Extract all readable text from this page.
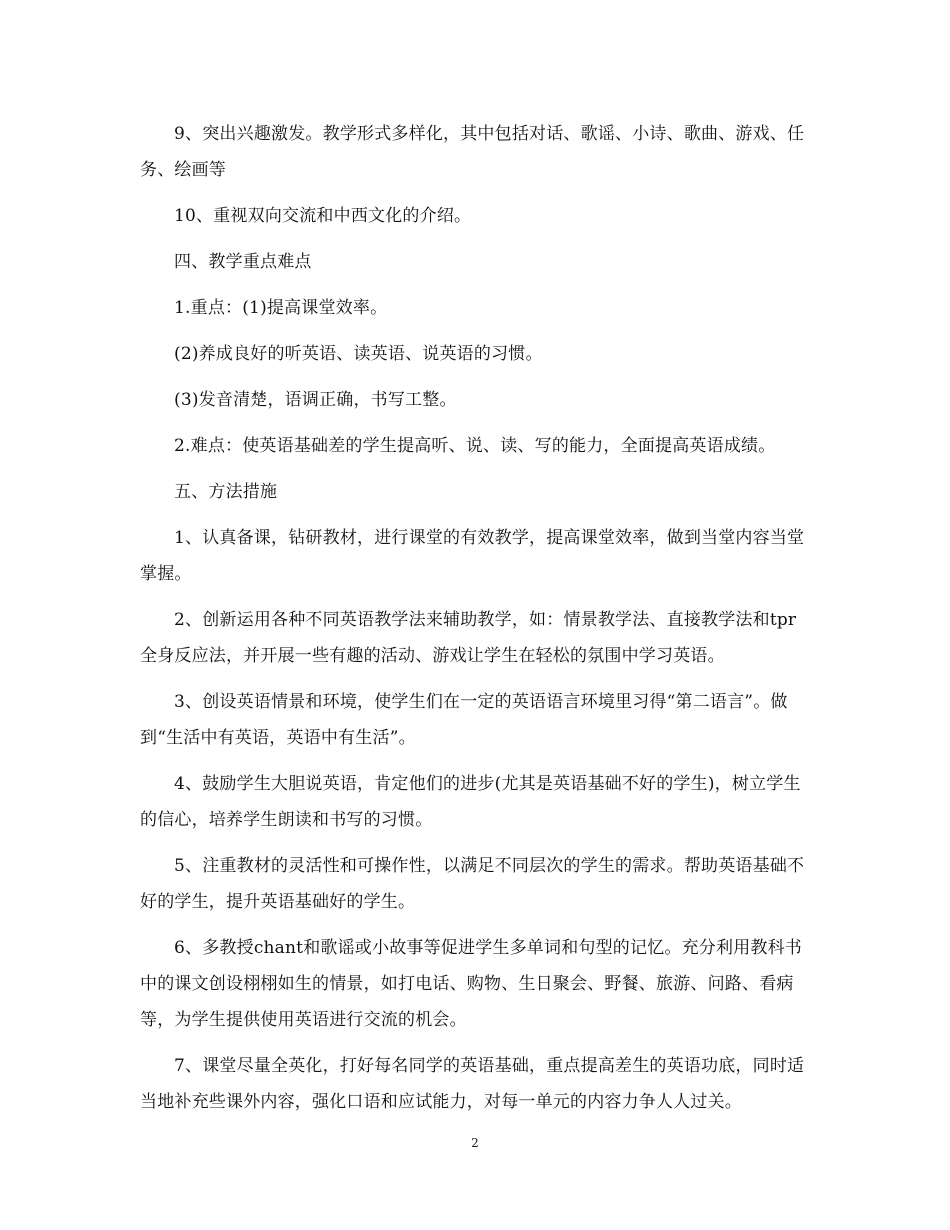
9、突出兴趣激发。教学形式多样化，其中包括对话、歌谣、小诗、歌曲、游戏、任务、绘画等

10、重视双向交流和中西文化的介绍。

四、教学重点难点

1.重点：(1)提高课堂效率。

(2)养成良好的听英语、读英语、说英语的习惯。

(3)发音清楚，语调正确，书写工整。

2.难点：使英语基础差的学生提高听、说、读、写的能力，全面提高英语成绩。

五、方法措施

1、认真备课，钻研教材，进行课堂的有效教学，提高课堂效率，做到当堂内容当堂掌握。

2、创新运用各种不同英语教学法来辅助教学，如：情景教学法、直接教学法和tpr全身反应法，并开展一些有趣的活动、游戏让学生在轻松的氛围中学习英语。

3、创设英语情景和环境，使学生们在一定的英语语言环境里习得“第二语言”。做到“生活中有英语，英语中有生活”。

4、鼓励学生大胆说英语，肯定他们的进步(尤其是英语基础不好的学生)，树立学生的信心，培养学生朗读和书写的习惯。

5、注重教材的灵活性和可操作性，以满足不同层次的学生的需求。帮助英语基础不好的学生，提升英语基础好的学生。

6、多教授chant和歌谣或小故事等促进学生多单词和句型的记忆。充分利用教科书中的课文创设栩栩如生的情景，如打电话、购物、生日聚会、野餐、旅游、问路、看病等，为学生提供使用英语进行交流的机会。

7、课堂尽量全英化，打好每名同学的英语基础，重点提高差生的英语功底，同时适当地补充些课外内容，强化口语和应试能力，对每一单元的内容力争人人过关。

2
